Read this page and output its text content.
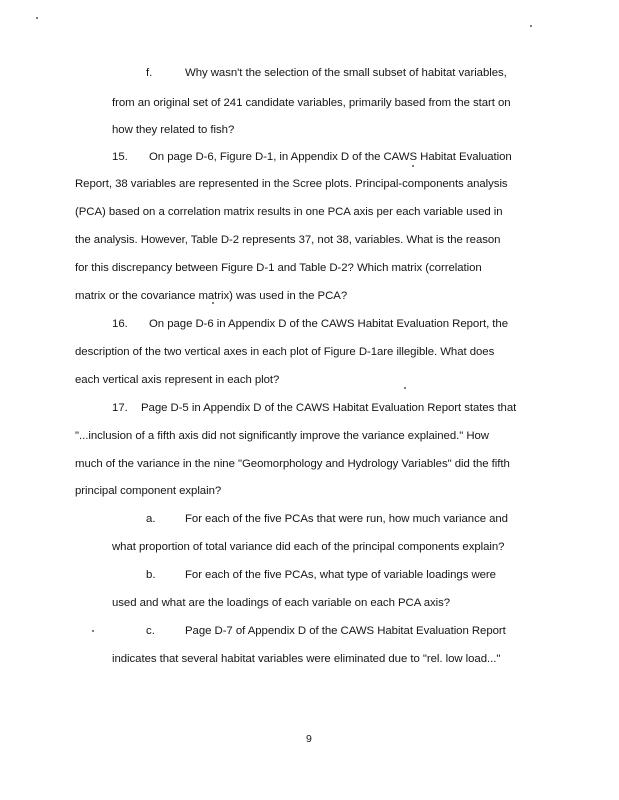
f.	Why wasn't the selection of the small subset of habitat variables,
from an original set of 241 candidate variables, primarily based from the start on
how they related to fish?
15. On page D-6, Figure D-1, in Appendix D of the CAWS Habitat Evaluation
Report, 38 variables are represented in the Scree plots. Principal-components analysis
(PCA) based on a correlation matrix results in one PCA axis per each variable used in
the analysis. However, Table D-2 represents 37, not 38, variables. What is the reason
for this discrepancy between Figure D-1 and Table D-2? Which matrix (correlation
matrix or the covariance matrix) was used in the PCA?
16. On page D-6 in Appendix D of the CAWS Habitat Evaluation Report, the
description of the two vertical axes in each plot of Figure D-1are illegible. What does
each vertical axis represent in each plot?
17. Page D-5 in Appendix D of the CAWS Habitat Evaluation Report states that
"...inclusion of a fifth axis did not significantly improve the variance explained." How
much of the variance in the nine "Geomorphology and Hydrology Variables" did the fifth
principal component explain?
a.	For each of the five PCAs that were run, how much variance and
what proportion of total variance did each of the principal components explain?
b.	For each of the five PCAs, what type of variable loadings were
used and what are the loadings of each variable on each PCA axis?
c.	Page D-7 of Appendix D of the CAWS Habitat Evaluation Report
indicates that several habitat variables were eliminated due to "rel. low load..."
9
